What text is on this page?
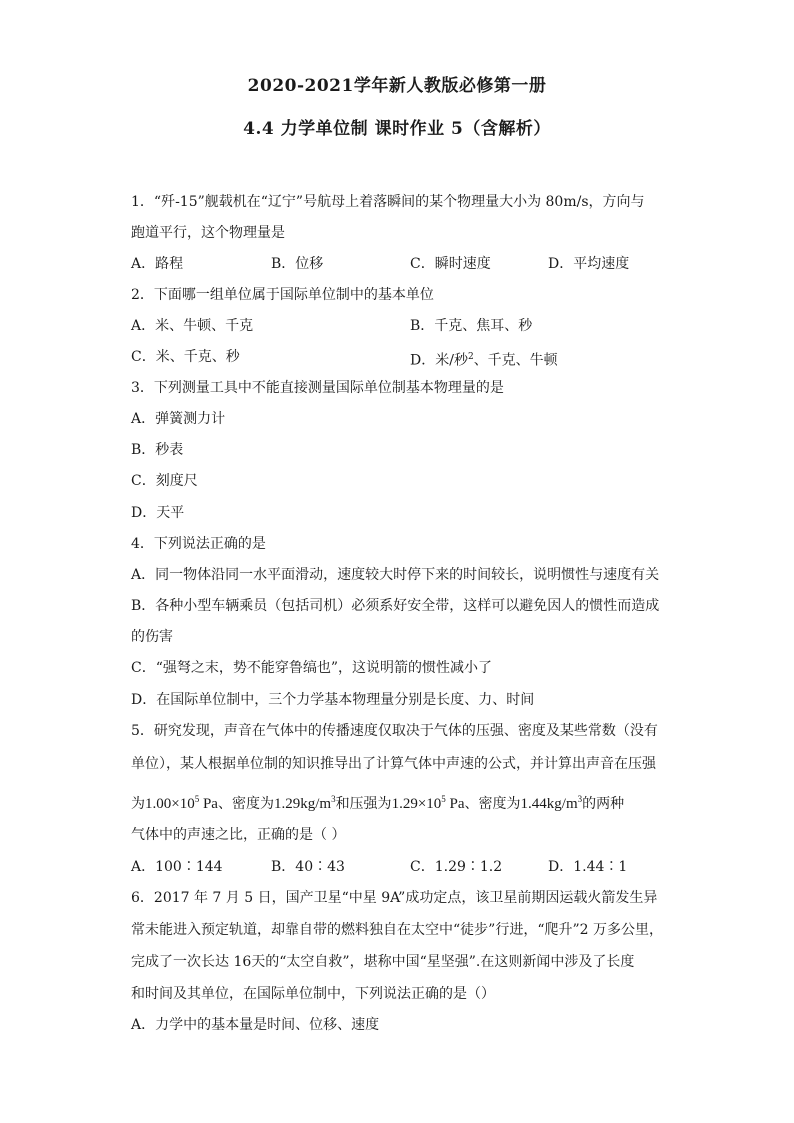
2020-2021学年新人教版必修第一册
4.4 力学单位制 课时作业 5（含解析）
1．“歼-15”舰载机在“辽宁”号航母上着落瞬间的某个物理量大小为 80m/s，方向与
跑道平行，这个物理量是
A．路程	B．位移	C．瞬时速度	D．平均速度
2．下面哪一组单位属于国际单位制中的基本单位
A．米、牛顿、千克	B．千克、焦耳、秒
C．米、千克、秒	D．米/秒$^2$、千克、牛顿
3．下列测量工具中不能直接测量国际单位制基本物理量的是
A．弹簧测力计
B．秒表
C．刻度尺
D．天平
4．下列说法正确的是
A．同一物体沿同一水平面滑动，速度较大时停下来的时间较长，说明惯性与速度有关
B．各种小型车辆乘员（包括司机）必须系好安全带，这样可以避免因人的惯性而造成
的伤害
C．“强弩之末，势不能穿鲁缟也”，这说明箭的惯性减小了
D．在国际单位制中，三个力学基本物理量分别是长度、力、时间
5．研究发现，声音在气体中的传播速度仅取决于气体的压强、密度及某些常数（没有
单位），某人根据单位制的知识推导出了计算气体中声速的公式，并计算出声音在压强
为$1.00\times 10^5$ Pa、密度为$1.29kg/m^3$和压强为$1.29\times 10^5$ Pa、密度为$1.44kg/m^3$的两种
气体中的声速之比，正确的是（ ）
A．100∶144	B．40∶43	C．1.29∶1.2	D．1.44∶1
6．2017 年 7 月 5 日，国产卫星“中星 9A”成功定点，该卫星前期因运载火箭发生异
常未能进入预定轨道，却靠自带的燃料独自在太空中“徒步”行进，“爬升”2 万多公里，
完成了一次长达 16天的“太空自救”，堪称中国“星坚强”.在这则新闻中涉及了长度
和时间及其单位，在国际单位制中，下列说法正确的是（）
A．力学中的基本量是时间、位移、速度
